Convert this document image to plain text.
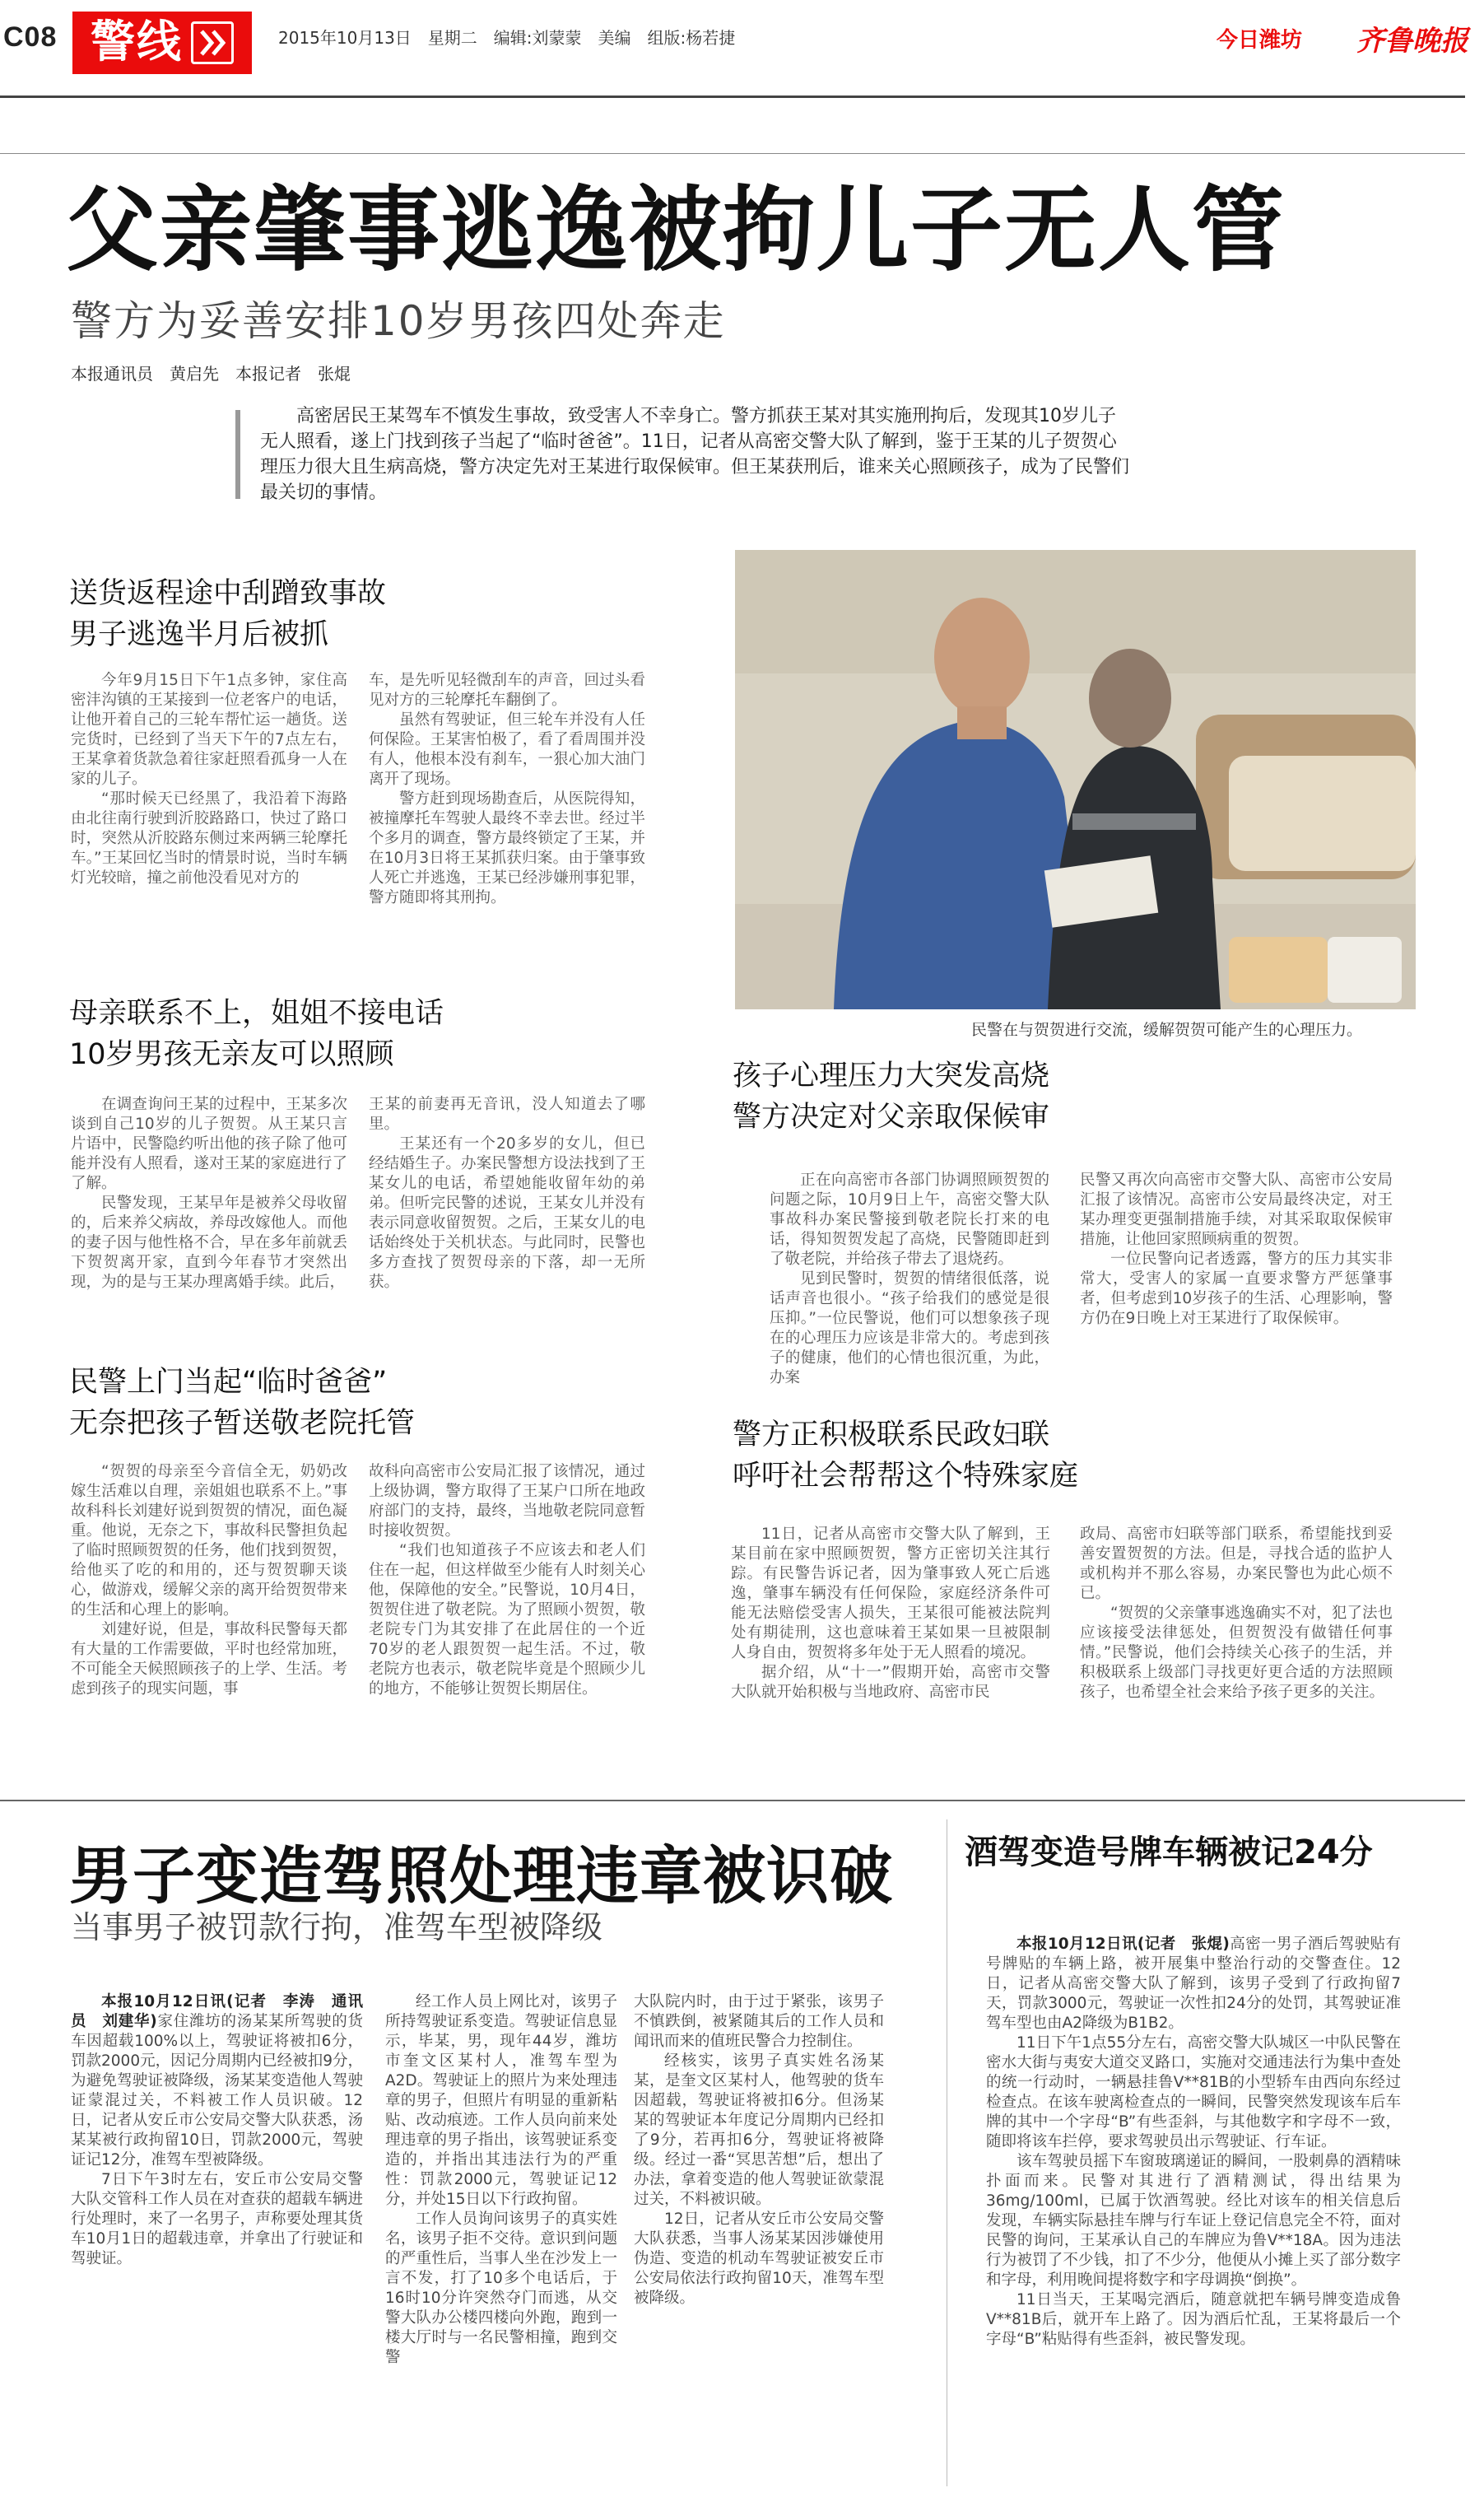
C08 警线	2015年10月13日　星期二　编辑:刘蒙蒙　美编　组版:杨若捷	今日潍坊 齐鲁晚报
父亲肇事逃逸被拘儿子无人管
警方为妥善安排10岁男孩四处奔走
本报通讯员　黄启先　本报记者　张焜
高密居民王某驾车不慎发生事故，致受害人不幸身亡。警方抓获王某对其实施刑拘后，发现其10岁儿子无人照看，遂上门找到孩子当起了“临时爸爸”。11日，记者从高密交警大队了解到，鉴于王某的儿子贺贺心理压力很大且生病高烧，警方决定先对王某进行取保候审。但王某获刑后，谁来关心照顾孩子，成为了民警们最关切的事情。
送货返程途中刮蹭致事故
男子逃逸半月后被抓

今年9月15日下午1点多钟，家住高密沣沟镇的王某接到一位老客户的电话，让他开着自己的三轮车帮忙运一趟货。送完货时，已经到了当天下午的7点左右，王某拿着货款急着往家赶照看孤身一人在家的儿子。

“那时候天已经黑了，我沿着下海路由北往南行驶到沂胶路路口，快过了路口时，突然从沂胶路东侧过来两辆三轮摩托车。”王某回忆当时的情景时说，当时车辆灯光较暗，撞之前他没看见对方的

车，是先听见轻微刮车的声音，回过头看见对方的三轮摩托车翻倒了。

虽然有驾驶证，但三轮车并没有人任何保险。王某害怕极了，看了看周围并没有人，他根本没有刹车，一狠心加大油门离开了现场。

警方赶到现场勘查后，从医院得知，被撞摩托车驾驶人最终不幸去世。经过半个多月的调查，警方最终锁定了王某，并在10月3日将王某抓获归案。由于肇事致人死亡并逃逸，王某已经涉嫌刑事犯罪，警方随即将其刑拘。

母亲联系不上，姐姐不接电话
10岁男孩无亲友可以照顾

在调查询问王某的过程中，王某多次谈到自己10岁的儿子贺贺。从王某只言片语中，民警隐约听出他的孩子除了他可能并没有人照看，遂对王某的家庭进行了了解。

民警发现，王某早年是被养父母收留的，后来养父病故，养母改嫁他人。而他的妻子因与他性格不合，早在多年前就丢下贺贺离开家，直到今年春节才突然出现，为的是与王某办理离婚手续。此后，

王某的前妻再无音讯，没人知道去了哪里。

王某还有一个20多岁的女儿，但已经结婚生子。办案民警想方设法找到了王某女儿的电话，希望她能收留年幼的弟弟。但听完民警的述说，王某女儿并没有表示同意收留贺贺。之后，王某女儿的电话始终处于关机状态。与此同时，民警也多方查找了贺贺母亲的下落，却一无所获。

民警上门当起“临时爸爸”
无奈把孩子暂送敬老院托管

“贺贺的母亲至今音信全无，奶奶改嫁生活难以自理，亲姐姐也联系不上。”事故科科长刘建好说到贺贺的情况，面色凝重。他说，无奈之下，事故科民警担负起了临时照顾贺贺的任务，他们找到贺贺，给他买了吃的和用的，还与贺贺聊天谈心，做游戏，缓解父亲的离开给贺贺带来的生活和心理上的影响。

刘建好说，但是，事故科民警每天都有大量的工作需要做，平时也经常加班，不可能全天候照顾孩子的上学、生活。考虑到孩子的现实问题，事

故科向高密市公安局汇报了该情况，通过上级协调，警方取得了王某户口所在地政府部门的支持，最终，当地敬老院同意暂时接收贺贺。

“我们也知道孩子不应该去和老人们住在一起，但这样做至少能有人时刻关心他，保障他的安全。”民警说，10月4日，贺贺住进了敬老院。为了照顾小贺贺，敬老院专门为其安排了在此居住的一个近70岁的老人跟贺贺一起生活。不过，敬老院方也表示，敬老院毕竟是个照顾少儿的地方，不能够让贺贺长期居住。

民警在与贺贺进行交流，缓解贺贺可能产生的心理压力。
孩子心理压力大突发高烧
警方决定对父亲取保候审

正在向高密市各部门协调照顾贺贺的问题之际，10月9日上午，高密交警大队事故科办案民警接到敬老院长打来的电话，得知贺贺发起了高烧，民警随即赶到了敬老院，并给孩子带去了退烧药。

见到民警时，贺贺的情绪很低落，说话声音也很小。“孩子给我们的感觉是很压抑。”一位民警说，他们可以想象孩子现在的心理压力应该是非常大的。考虑到孩子的健康，他们的心情也很沉重，为此，办案

民警又再次向高密市交警大队、高密市公安局汇报了该情况。高密市公安局最终决定，对王某办理变更强制措施手续，对其采取取保候审措施，让他回家照顾病重的贺贺。

一位民警向记者透露，警方的压力其实非常大，受害人的家属一直要求警方严惩肇事者，但考虑到10岁孩子的生活、心理影响，警方仍在9日晚上对王某进行了取保候审。

警方正积极联系民政妇联
呼吁社会帮帮这个特殊家庭

11日，记者从高密市交警大队了解到，王某目前在家中照顾贺贺，警方正密切关注其行踪。有民警告诉记者，因为肇事致人死亡后逃逸，肇事车辆没有任何保险，家庭经济条件可能无法赔偿受害人损失，王某很可能被法院判处有期徒刑，这也意味着王某如果一旦被限制人身自由，贺贺将多年处于无人照看的境况。

据介绍，从“十一”假期开始，高密市交警大队就开始积极与当地政府、高密市民

政局、高密市妇联等部门联系，希望能找到妥善安置贺贺的方法。但是，寻找合适的监护人或机构并不那么容易，办案民警也为此心烦不已。

“贺贺的父亲肇事逃逸确实不对，犯了法也应该接受法律惩处，但贺贺没有做错任何事情。”民警说，他们会持续关心孩子的生活，并积极联系上级部门寻找更好更合适的方法照顾孩子，也希望全社会来给予孩子更多的关注。

男子变造驾照处理违章被识破
当事男子被罚款行拘，准驾车型被降级

本报10月12日讯(记者　李涛　通讯员　刘建华)家住潍坊的汤某某所驾驶的货车因超载100%以上，驾驶证将被扣6分，罚款2000元，因记分周期内已经被扣9分，为避免驾驶证被降级，汤某某变造他人驾驶证蒙混过关，不料被工作人员识破。12日，记者从安丘市公安局交警大队获悉，汤某某被行政拘留10日，罚款2000元，驾驶证记12分，准驾车型被降级。

7日下午3时左右，安丘市公安局交警大队交管科工作人员在对查获的超载车辆进行处理时，来了一名男子，声称要处理其货车10月1日的超载违章，并拿出了行驶证和驾驶证。

经工作人员上网比对，该男子所持驾驶证系变造。驾驶证信息显示，毕某，男，现年44岁，潍坊市奎文区某村人，准驾车型为A2D。驾驶证上的照片为来处理违章的男子，但照片有明显的重新粘贴、改动痕迹。工作人员向前来处理违章的男子指出，该驾驶证系变造的，并指出其违法行为的严重性：罚款2000元，驾驶证记12分，并处15日以下行政拘留。

工作人员询问该男子的真实姓名，该男子拒不交待。意识到问题的严重性后，当事人坐在沙发上一言不发，打了10多个电话后，于16时10分许突然夺门而逃，从交警大队办公楼四楼向外跑，跑到一楼大厅时与一名民警相撞，跑到交警

大队院内时，由于过于紧张，该男子不慎跌倒，被紧随其后的工作人员和闻讯而来的值班民警合力控制住。

经核实，该男子真实姓名汤某某，是奎文区某村人，他驾驶的货车因超载，驾驶证将被扣6分。但汤某某的驾驶证本年度记分周期内已经扣了9分，若再扣6分，驾驶证将被降级。经过一番“冥思苦想”后，想出了办法，拿着变造的他人驾驶证欲蒙混过关，不料被识破。

12日，记者从安丘市公安局交警大队获悉，当事人汤某某因涉嫌使用伪造、变造的机动车驾驶证被安丘市公安局依法行政拘留10天，准驾车型被降级。

酒驾变造号牌车辆被记24分

本报10月12日讯(记者　张焜)高密一男子酒后驾驶贴有号牌贴的车辆上路，被开展集中整治行动的交警查住。12日，记者从高密交警大队了解到，该男子受到了行政拘留7天，罚款3000元，驾驶证一次性扣24分的处罚，其驾驶证准驾车型也由A2降级为B1B2。

11日下午1点55分左右，高密交警大队城区一中队民警在密水大街与夷安大道交叉路口，实施对交通违法行为集中查处的统一行动时，一辆悬挂鲁V**81B的小型轿车由西向东经过检查点。在该车驶离检查点的一瞬间，民警突然发现该车后车牌的其中一个字母“B”有些歪斜，与其他数字和字母不一致，随即将该车拦停，要求驾驶员出示驾驶证、行车证。

该车驾驶员摇下车窗玻璃递证的瞬间，一股刺鼻的酒精味扑面而来。民警对其进行了酒精测试，得出结果为36mg/100ml，已属于饮酒驾驶。经比对该车的相关信息后发现，车辆实际悬挂车牌与行车证上登记信息完全不符，面对民警的询问，王某承认自己的车牌应为鲁V**18A。因为违法行为被罚了不少钱，扣了不少分，他便从小摊上买了部分数字和字母，利用晚间提将数字和字母调换“倒换”。

11日当天，王某喝完酒后，随意就把车辆号牌变造成鲁V**81B后，就开车上路了。因为酒后忙乱，王某将最后一个字母“B”粘贴得有些歪斜，被民警发现。
